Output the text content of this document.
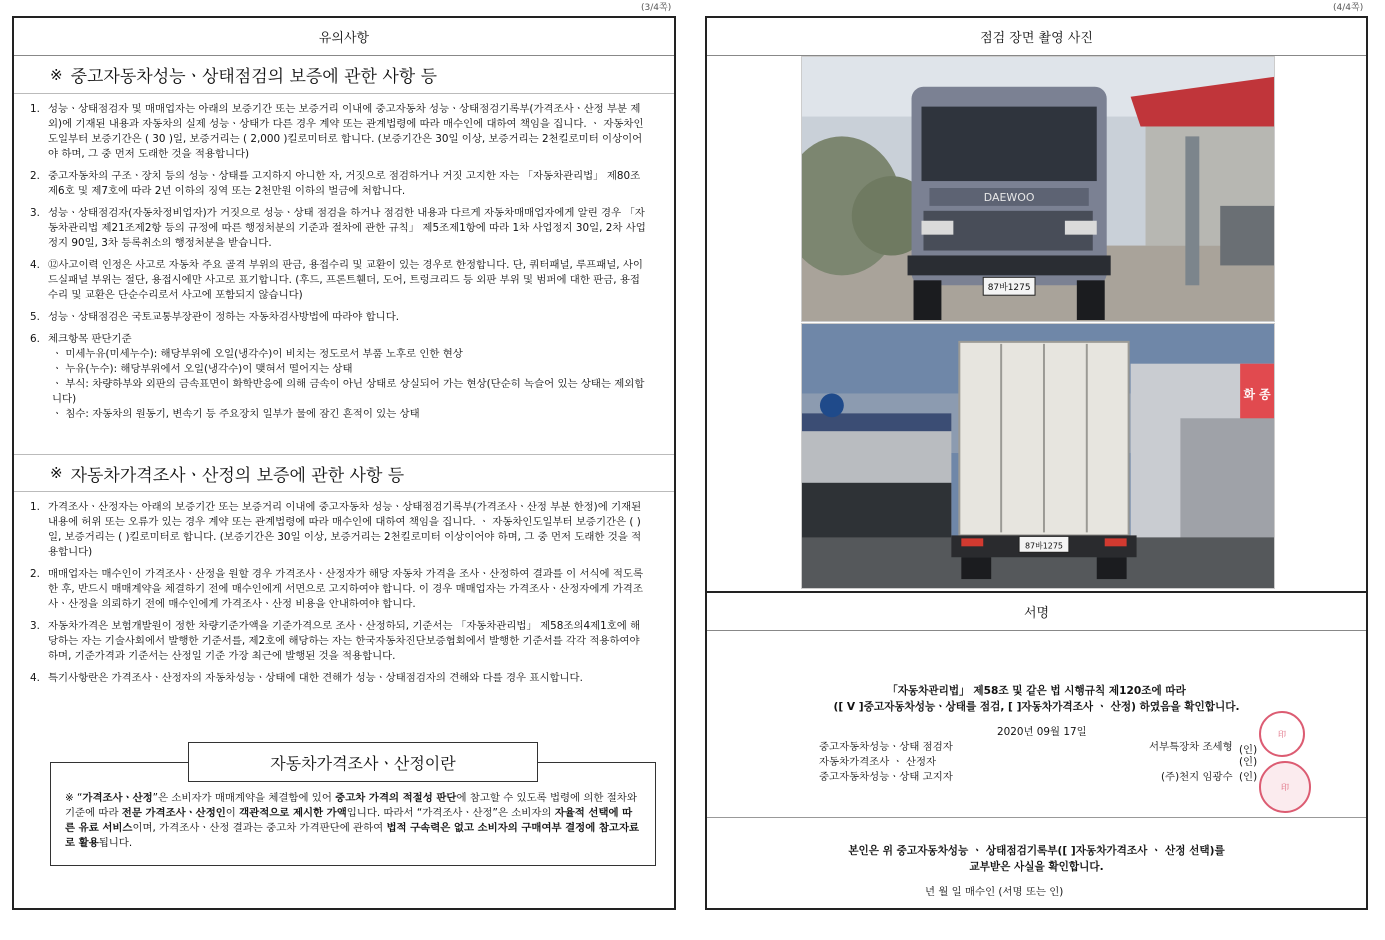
(3/4쪽)	(4/4쪽)
유의사항
※ 중고자동차성능ㆍ상태점검의 보증에 관한 사항 등
1. 성능ㆍ상태점검자 및 매매업자는 아래의 보증기간 또는 보증거리 이내에 중고자동차 성능ㆍ상태점검기록부(가격조사ㆍ산정 부분 제외)에 기재된 내용과 자동차의 실제 성능ㆍ상태가 다른 경우 계약 또는 관계법령에 따라 매수인에 대하여 책임을 집니다. ㆍ 자동차인도일부터 보증기간은 ( 30 )일, 보증거리는 ( 2,000 )킬로미터로 합니다. (보증기간은 30일 이상, 보증거리는 2천킬로미터 이상이어야 하며, 그 중 먼저 도래한 것을 적용합니다)
2. 중고자동차의 구조ㆍ장치 등의 성능ㆍ상태를 고지하지 아니한 자, 거짓으로 점검하거나 거짓 고지한 자는 「자동차관리법」 제80조제6호 및 제7호에 따라 2년 이하의 징역 또는 2천만원 이하의 벌금에 처합니다.
3. 성능ㆍ상태점검자(자동차정비업자)가 거짓으로 성능ㆍ상태 점검을 하거나 점검한 내용과 다르게 자동차매매업자에게 알린 경우 「자동차관리법 제21조제2항 등의 규정에 따른 행정처분의 기준과 절차에 관한 규칙」 제5조제1항에 따라 1차 사업정지 30일, 2차 사업정지 90일, 3차 등록취소의 행정처분을 받습니다.
4. ⑫사고이력 인정은 사고로 자동차 주요 골격 부위의 판금, 용접수리 및 교환이 있는 경우로 한정합니다. 단, 쿼터패널, 루프패널, 사이드실패널 부위는 절단, 용접시에만 사고로 표기합니다. (후드, 프론트휀더, 도어, 트렁크리드 등 외판 부위 및 범퍼에 대한 판금, 용접수리 및 교환은 단순수리로서 사고에 포함되지 않습니다)
5. 성능ㆍ상태점검은 국토교통부장관이 정하는 자동차검사방법에 따라야 합니다.
6. 체크항목 판단기준
ㆍ 미세누유(미세누수): 해당부위에 오일(냉각수)이 비치는 정도로서 부품 노후로 인한 현상
ㆍ 누유(누수): 해당부위에서 오일(냉각수)이 맺혀서 떨어지는 상태
ㆍ 부식: 차량하부와 외판의 금속표면이 화학반응에 의해 금속이 아닌 상태로 상실되어 가는 현상(단순히 녹슬어 있는 상태는 제외합니다)
ㆍ 침수: 자동차의 원동기, 변속기 등 주요장치 일부가 물에 잠긴 흔적이 있는 상태
※ 자동차가격조사ㆍ산정의 보증에 관한 사항 등
1. 가격조사ㆍ산정자는 아래의 보증기간 또는 보증거리 이내에 중고자동차 성능ㆍ상태점검기록부(가격조사ㆍ산정 부분 한정)에 기재된 내용에 허위 또는 오류가 있는 경우 계약 또는 관계법령에 따라 매수인에 대하여 책임을 집니다. ㆍ 자동차인도일부터 보증기간은 ( )일, 보증거리는 ( )킬로미터로 합니다. (보증기간은 30일 이상, 보증거리는 2천킬로미터 이상이어야 하며, 그 중 먼저 도래한 것을 적용합니다)
2. 매매업자는 매수인이 가격조사ㆍ산정을 원할 경우 가격조사ㆍ산정자가 해당 자동차 가격을 조사ㆍ산정하여 결과를 이 서식에 적도록 한 후, 반드시 매매계약을 체결하기 전에 매수인에게 서면으로 고지하여야 합니다. 이 경우 매매업자는 가격조사ㆍ산정자에게 가격조사ㆍ산정을 의뢰하기 전에 매수인에게 가격조사ㆍ산정 비용을 안내하여야 합니다.
3. 자동차가격은 보험개발원이 정한 차량기준가액을 기준가격으로 조사ㆍ산정하되, 기준서는 「자동차관리법」 제58조의4제1호에 해당하는 자는 기술사회에서 발행한 기준서를, 제2호에 해당하는 자는 한국자동차진단보증협회에서 발행한 기준서를 각각 적용하여야 하며, 기준가격과 기준서는 산정일 기준 가장 최근에 발행된 것을 적용합니다.
4. 특기사항란은 가격조사ㆍ산정자의 자동차성능ㆍ상태에 대한 견해가 성능ㆍ상태점검자의 견해와 다를 경우 표시합니다.
자동차가격조사ㆍ산정이란
※ “가격조사ㆍ산정”은 소비자가 매매계약을 체결함에 있어 중고차 가격의 적절성 판단에 참고할 수 있도록 법령에 의한 절차와 기준에 따라 전문 가격조사ㆍ산정인이 객관적으로 제시한 가액입니다. 따라서 “가격조사ㆍ산정”은 소비자의 자율적 선택에 따른 유료 서비스이며, 가격조사ㆍ산정 결과는 중고차 가격판단에 관하여 법적 구속력은 없고 소비자의 구매여부 결정에 참고자료로 활용됩니다.
점검 장면 촬영 사진
DAEWOO
87바1275
화 종
87바1275
서명
「자동차관리법」 제58조 및 같은 법 시행규칙 제120조에 따라
([ V ]중고자동차성능ㆍ상태를 점검, [ ]자동차가격조사 ㆍ 산정) 하였음을 확인합니다.
2020년 09월 17일
중고자동차성능ㆍ상태 점검자
자동차가격조사 ㆍ 산정자
중고자동차성능ㆍ상태 고지자
서부특장차 조세형
(인)
(주)천지 임광수 (인)
(인)
印
印
본인은 위 중고자동차성능 ㆍ 상태점검기록부([ ]자동차가격조사 ㆍ 산정 선택)를
교부받은 사실을 확인합니다.
년 월 일 매수인 (서명 또는 인)
